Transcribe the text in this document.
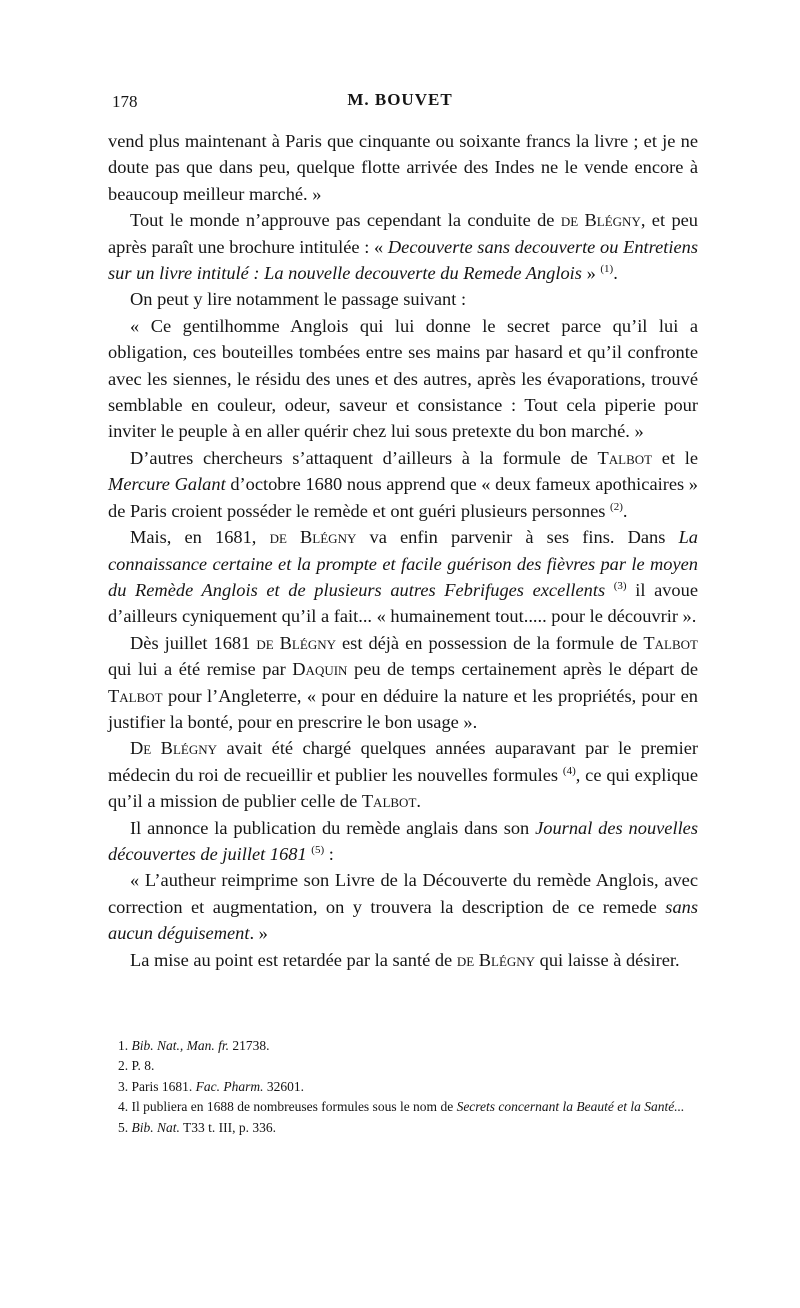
178	M. BOUVET

vend plus maintenant à Paris que cinquante ou soixante francs la livre ; et je ne doute pas que dans peu, quelque flotte arrivée des Indes ne le vende encore à beaucoup meilleur marché. »

Tout le monde n’approuve pas cependant la conduite de de Blégny, et peu après paraît une brochure intitulée : « Decouverte sans decouverte ou Entretiens sur un livre intitulé : La nouvelle decouverte du Remede Anglois » $^{(1)}$.

On peut y lire notamment le passage suivant :

« Ce gentilhomme Anglois qui lui donne le secret parce qu’il lui a obligation, ces bouteilles tombées entre ses mains par hasard et qu’il confronte avec les siennes, le résidu des unes et des autres, après les évaporations, trouvé semblable en couleur, odeur, saveur et consistance : Tout cela piperie pour inviter le peuple à en aller quérir chez lui sous pretexte du bon marché. »

D’autres chercheurs s’attaquent d’ailleurs à la formule de Talbot et le Mercure Galant d’octobre 1680 nous apprend que « deux fameux apothicaires » de Paris croient posséder le remède et ont guéri plusieurs personnes $^{(2)}$.

Mais, en 1681, de Blégny va enfin parvenir à ses fins. Dans La connaissance certaine et la prompte et facile guérison des fièvres par le moyen du Remède Anglois et de plusieurs autres Febrifuges excellents $^{(3)}$ il avoue d’ailleurs cyniquement qu’il a fait... « humainement tout..... pour le découvrir ».

Dès juillet 1681 de Blégny est déjà en possession de la formule de Talbot qui lui a été remise par Daquin peu de temps certainement après le départ de Talbot pour l’Angleterre, « pour en déduire la nature et les propriétés, pour en justifier la bonté, pour en prescrire le bon usage ».

De Blégny avait été chargé quelques années auparavant par le premier médecin du roi de recueillir et publier les nouvelles formules $^{(4)}$, ce qui explique qu’il a mission de publier celle de Talbot.

Il annonce la publication du remède anglais dans son Journal des nouvelles découvertes de juillet 1681 $^{(5)}$ :

« L’autheur reimprime son Livre de la Découverte du remède Anglois, avec correction et augmentation, on y trouvera la description de ce remede sans aucun déguisement. »

La mise au point est retardée par la santé de de Blégny qui laisse à désirer.

1. Bib. Nat., Man. fr. 21738.

2. P. 8.

3. Paris 1681. Fac. Pharm. 32601.

4. Il publiera en 1688 de nombreuses formules sous le nom de Secrets concernant la Beauté et la Santé...

5. Bib. Nat. T33 t. III, p. 336.
